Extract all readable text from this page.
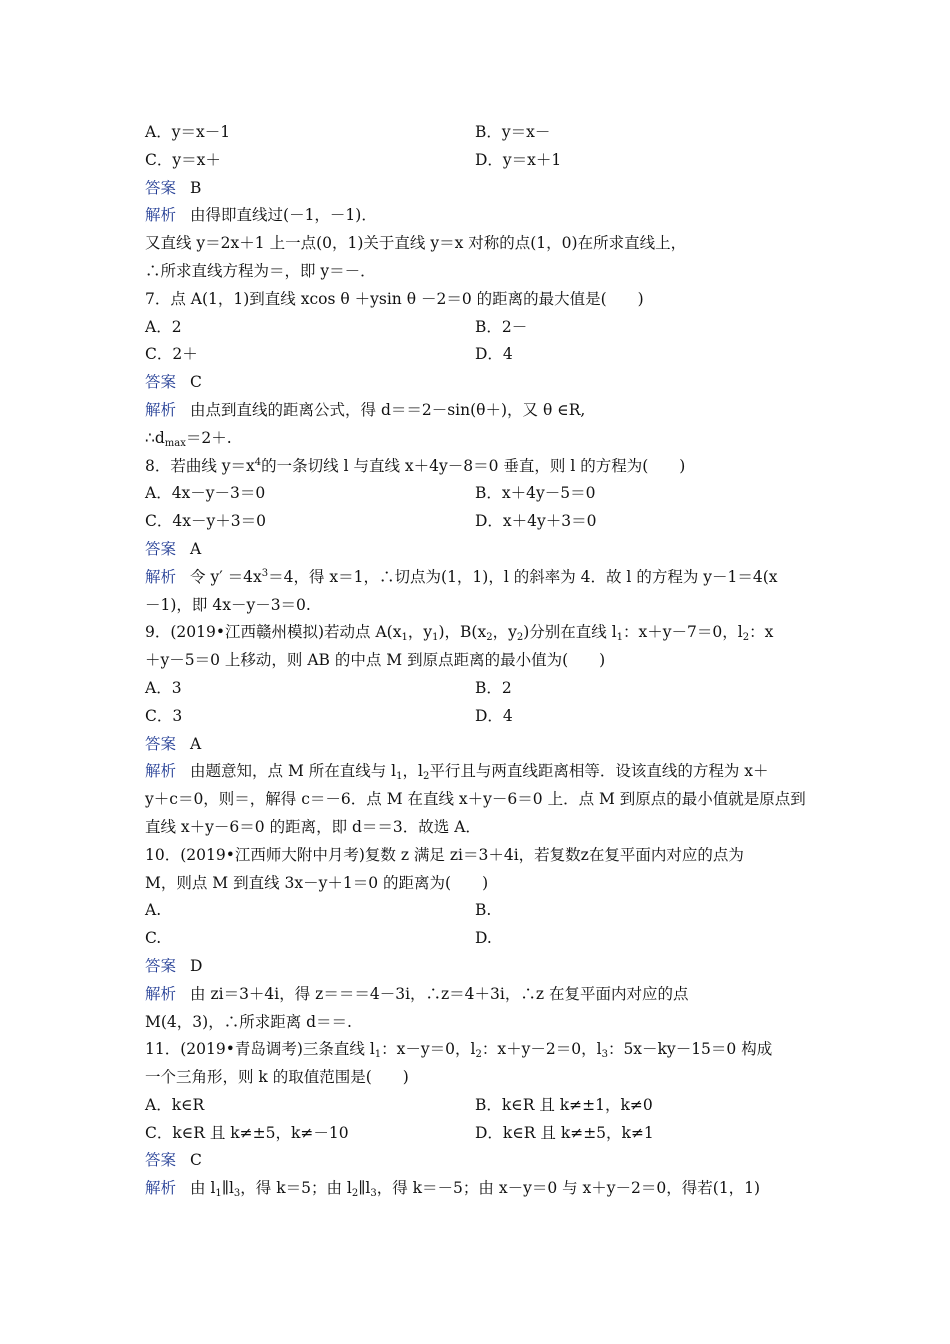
A．y＝x－1	B．y＝x－
C．y＝x＋	D．y＝x＋1
答案 B
解析 由得即直线过(－1，－1)．
又直线 y＝2x＋1 上一点(0，1)关于直线 y＝x 对称的点(1，0)在所求直线上，
∴所求直线方程为＝，即 y＝－．
7．点 A(1，1)到直线 xcos θ ＋ysin θ －2＝0 的距离的最大值是(　　)
A．2	B．2－
C．2＋	D．4
答案 C
解析 由点到直线的距离公式，得 d＝＝2－sin(θ＋)，又 θ ∈R,
$\therefore d_{max}=2+$.
8．若曲线 $y=x^4$的一条切线 l 与直线 x＋4y－8＝0 垂直，则 l 的方程为(　　)
A．4x－y－3＝0	B．x＋4y－5＝0
C．4x－y＋3＝0	D．x＋4y＋3＝0
答案 A
解析 令 $y' =4x^3=4$，得 x＝1，∴切点为(1，1)，l 的斜率为 4．故 l 的方程为 y－1＝4(x
－1)，即 4x－y－3＝0.
9．(2019•江西赣州模拟)若动点 $A(x_1$，$y_1$)，$B(x_2$，$y_2$)分别在直线 $l_1$：x＋y－7＝0，$l_2$：x
＋y－5＝0 上移动，则 AB 的中点 M 到原点距离的最小值为(　　)
A．3	B．2
C．3	D．4
答案 A
解析 由题意知，点 M 所在直线与 $l_1$，$l_2$平行且与两直线距离相等．设该直线的方程为 x＋
y＋c＝0，则＝，解得 c＝－6．点 M 在直线 x＋y－6＝0 上．点 M 到原点的最小值就是原点到
直线 x＋y－6＝0 的距离，即 d＝＝3．故选 A．
10．(2019•江西师大附中月考)复数 z 满足 zi＝3＋4i，若复数z在复平面内对应的点为
M，则点 M 到直线 3x－y＋1＝0 的距离为(　　)
A.	B.
C.	D.
答案 D
解析 由 zi＝3＋4i，得 z＝＝＝4－3i，∴z＝4＋3i，∴z 在复平面内对应的点
M(4，3)，∴所求距离 d＝＝.
11．(2019•青岛调考)三条直线 $l_1$：x－y＝0，$l_2$：x＋y－2＝0，$l_3$：5x－ky－15＝0 构成
一个三角形，则 k 的取值范围是(　　)
A．k∈R	B．k∈R 且 k≠±1，k≠0
C．k∈R 且 k≠±5，k≠－10	D．k∈R 且 k≠±5，k≠1
答案 C
解析 由 $l_1\parallel l_3$，得 k＝5；由 $l_2\parallel l_3$，得 k＝－5；由 x－y＝0 与 x＋y－2＝0，得若(1，1)
